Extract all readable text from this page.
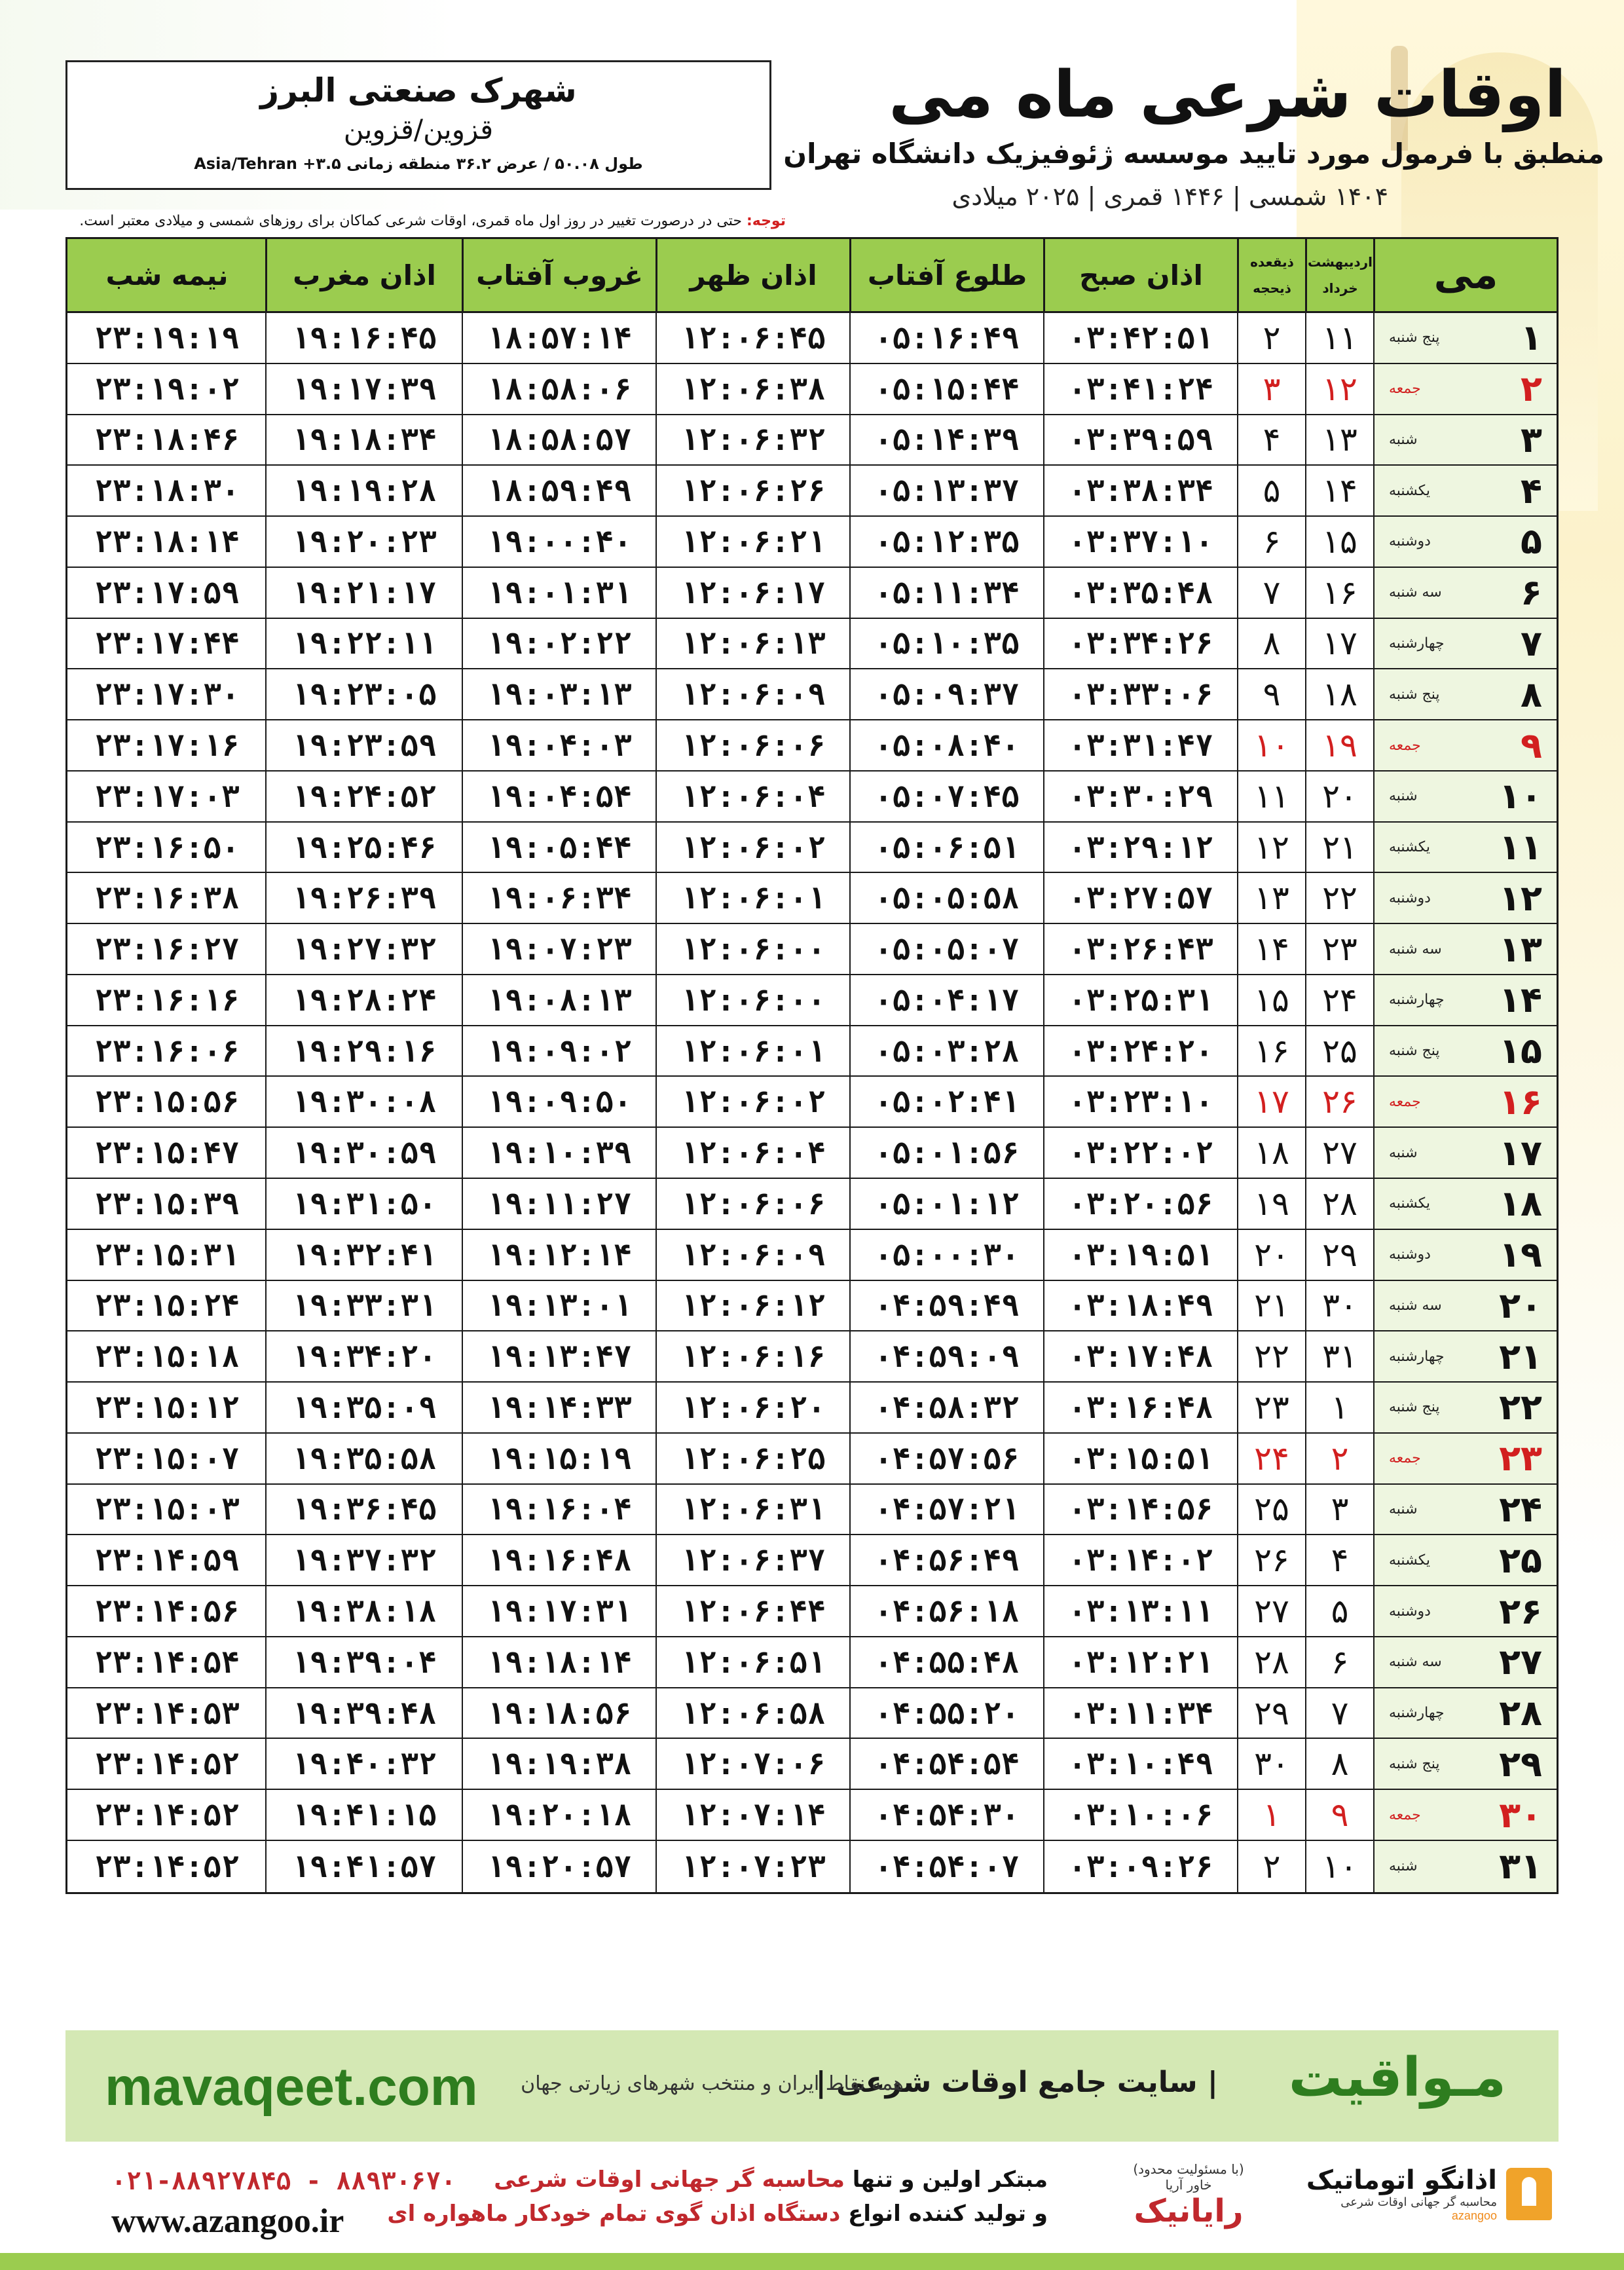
شهرک صنعتی البرز
قزوین/قزوین
طول ۵۰.۰۸ / عرض ۳۶.۲ منطقه زمانی Asia/Tehran +۳.۵
اوقات شرعی ماه می
منطبق با فرمول مورد تایید موسسه ژئوفیزیک دانشگاه تهران
۱۴۰۴ شمسی | ۱۴۴۶ قمری | ۲۰۲۵ میلادی
توجه: حتی در درصورت تغییر در روز اول ماه قمری، اوقات شرعی کماکان برای روزهای شمسی و میلادی معتبر است.
می
اردیبهشت
خرداد
ذیقعده
ذیحجه
اذان صبح
طلوع آفتاب
اذان ظهر
غروب آفتاب
اذان مغرب
نیمه شب
۱
پنج شنبه
۱۱
۲
۰۳:۴۲:۵۱
۰۵:۱۶:۴۹
۱۲:۰۶:۴۵
۱۸:۵۷:۱۴
۱۹:۱۶:۴۵
۲۳:۱۹:۱۹
۲
جمعه
۱۲
۳
۰۳:۴۱:۲۴
۰۵:۱۵:۴۴
۱۲:۰۶:۳۸
۱۸:۵۸:۰۶
۱۹:۱۷:۳۹
۲۳:۱۹:۰۲
۳
شنبه
۱۳
۴
۰۳:۳۹:۵۹
۰۵:۱۴:۳۹
۱۲:۰۶:۳۲
۱۸:۵۸:۵۷
۱۹:۱۸:۳۴
۲۳:۱۸:۴۶
۴
یکشنبه
۱۴
۵
۰۳:۳۸:۳۴
۰۵:۱۳:۳۷
۱۲:۰۶:۲۶
۱۸:۵۹:۴۹
۱۹:۱۹:۲۸
۲۳:۱۸:۳۰
۵
دوشنبه
۱۵
۶
۰۳:۳۷:۱۰
۰۵:۱۲:۳۵
۱۲:۰۶:۲۱
۱۹:۰۰:۴۰
۱۹:۲۰:۲۳
۲۳:۱۸:۱۴
۶
سه شنبه
۱۶
۷
۰۳:۳۵:۴۸
۰۵:۱۱:۳۴
۱۲:۰۶:۱۷
۱۹:۰۱:۳۱
۱۹:۲۱:۱۷
۲۳:۱۷:۵۹
۷
چهارشنبه
۱۷
۸
۰۳:۳۴:۲۶
۰۵:۱۰:۳۵
۱۲:۰۶:۱۳
۱۹:۰۲:۲۲
۱۹:۲۲:۱۱
۲۳:۱۷:۴۴
۸
پنج شنبه
۱۸
۹
۰۳:۳۳:۰۶
۰۵:۰۹:۳۷
۱۲:۰۶:۰۹
۱۹:۰۳:۱۳
۱۹:۲۳:۰۵
۲۳:۱۷:۳۰
۹
جمعه
۱۹
۱۰
۰۳:۳۱:۴۷
۰۵:۰۸:۴۰
۱۲:۰۶:۰۶
۱۹:۰۴:۰۳
۱۹:۲۳:۵۹
۲۳:۱۷:۱۶
۱۰
شنبه
۲۰
۱۱
۰۳:۳۰:۲۹
۰۵:۰۷:۴۵
۱۲:۰۶:۰۴
۱۹:۰۴:۵۴
۱۹:۲۴:۵۲
۲۳:۱۷:۰۳
۱۱
یکشنبه
۲۱
۱۲
۰۳:۲۹:۱۲
۰۵:۰۶:۵۱
۱۲:۰۶:۰۲
۱۹:۰۵:۴۴
۱۹:۲۵:۴۶
۲۳:۱۶:۵۰
۱۲
دوشنبه
۲۲
۱۳
۰۳:۲۷:۵۷
۰۵:۰۵:۵۸
۱۲:۰۶:۰۱
۱۹:۰۶:۳۴
۱۹:۲۶:۳۹
۲۳:۱۶:۳۸
۱۳
سه شنبه
۲۳
۱۴
۰۳:۲۶:۴۳
۰۵:۰۵:۰۷
۱۲:۰۶:۰۰
۱۹:۰۷:۲۳
۱۹:۲۷:۳۲
۲۳:۱۶:۲۷
۱۴
چهارشنبه
۲۴
۱۵
۰۳:۲۵:۳۱
۰۵:۰۴:۱۷
۱۲:۰۶:۰۰
۱۹:۰۸:۱۳
۱۹:۲۸:۲۴
۲۳:۱۶:۱۶
۱۵
پنج شنبه
۲۵
۱۶
۰۳:۲۴:۲۰
۰۵:۰۳:۲۸
۱۲:۰۶:۰۱
۱۹:۰۹:۰۲
۱۹:۲۹:۱۶
۲۳:۱۶:۰۶
۱۶
جمعه
۲۶
۱۷
۰۳:۲۳:۱۰
۰۵:۰۲:۴۱
۱۲:۰۶:۰۲
۱۹:۰۹:۵۰
۱۹:۳۰:۰۸
۲۳:۱۵:۵۶
۱۷
شنبه
۲۷
۱۸
۰۳:۲۲:۰۲
۰۵:۰۱:۵۶
۱۲:۰۶:۰۴
۱۹:۱۰:۳۹
۱۹:۳۰:۵۹
۲۳:۱۵:۴۷
۱۸
یکشنبه
۲۸
۱۹
۰۳:۲۰:۵۶
۰۵:۰۱:۱۲
۱۲:۰۶:۰۶
۱۹:۱۱:۲۷
۱۹:۳۱:۵۰
۲۳:۱۵:۳۹
۱۹
دوشنبه
۲۹
۲۰
۰۳:۱۹:۵۱
۰۵:۰۰:۳۰
۱۲:۰۶:۰۹
۱۹:۱۲:۱۴
۱۹:۳۲:۴۱
۲۳:۱۵:۳۱
۲۰
سه شنبه
۳۰
۲۱
۰۳:۱۸:۴۹
۰۴:۵۹:۴۹
۱۲:۰۶:۱۲
۱۹:۱۳:۰۱
۱۹:۳۳:۳۱
۲۳:۱۵:۲۴
۲۱
چهارشنبه
۳۱
۲۲
۰۳:۱۷:۴۸
۰۴:۵۹:۰۹
۱۲:۰۶:۱۶
۱۹:۱۳:۴۷
۱۹:۳۴:۲۰
۲۳:۱۵:۱۸
۲۲
پنج شنبه
۱
۲۳
۰۳:۱۶:۴۸
۰۴:۵۸:۳۲
۱۲:۰۶:۲۰
۱۹:۱۴:۳۳
۱۹:۳۵:۰۹
۲۳:۱۵:۱۲
۲۳
جمعه
۲
۲۴
۰۳:۱۵:۵۱
۰۴:۵۷:۵۶
۱۲:۰۶:۲۵
۱۹:۱۵:۱۹
۱۹:۳۵:۵۸
۲۳:۱۵:۰۷
۲۴
شنبه
۳
۲۵
۰۳:۱۴:۵۶
۰۴:۵۷:۲۱
۱۲:۰۶:۳۱
۱۹:۱۶:۰۴
۱۹:۳۶:۴۵
۲۳:۱۵:۰۳
۲۵
یکشنبه
۴
۲۶
۰۳:۱۴:۰۲
۰۴:۵۶:۴۹
۱۲:۰۶:۳۷
۱۹:۱۶:۴۸
۱۹:۳۷:۳۲
۲۳:۱۴:۵۹
۲۶
دوشنبه
۵
۲۷
۰۳:۱۳:۱۱
۰۴:۵۶:۱۸
۱۲:۰۶:۴۴
۱۹:۱۷:۳۱
۱۹:۳۸:۱۸
۲۳:۱۴:۵۶
۲۷
سه شنبه
۶
۲۸
۰۳:۱۲:۲۱
۰۴:۵۵:۴۸
۱۲:۰۶:۵۱
۱۹:۱۸:۱۴
۱۹:۳۹:۰۴
۲۳:۱۴:۵۴
۲۸
چهارشنبه
۷
۲۹
۰۳:۱۱:۳۴
۰۴:۵۵:۲۰
۱۲:۰۶:۵۸
۱۹:۱۸:۵۶
۱۹:۳۹:۴۸
۲۳:۱۴:۵۳
۲۹
پنج شنبه
۸
۳۰
۰۳:۱۰:۴۹
۰۴:۵۴:۵۴
۱۲:۰۷:۰۶
۱۹:۱۹:۳۸
۱۹:۴۰:۳۲
۲۳:۱۴:۵۲
۳۰
جمعه
۹
۱
۰۳:۱۰:۰۶
۰۴:۵۴:۳۰
۱۲:۰۷:۱۴
۱۹:۲۰:۱۸
۱۹:۴۱:۱۵
۲۳:۱۴:۵۲
۳۱
شنبه
۱۰
۲
۰۳:۰۹:۲۶
۰۴:۵۴:۰۷
۱۲:۰۷:۲۳
۱۹:۲۰:۵۷
۱۹:۴۱:۵۷
۲۳:۱۴:۵۲
مـواقیت
| سایت جامع اوقات شرعی |
همه نقاط ایران و منتخب شهرهای زیارتی جهان
mavaqeet.com
۰۲۱-۸۸۹۲۷۸۴۵ - ۸۸۹۳۰۶۷۰
www.azangoo.ir
مبتکر اولین و تنها محاسبه گر جهانی اوقات شرعی
و تولید کننده انواع دستگاه اذان گوی تمام خودکار ماهواره ای
(با مسئولیت محدود) خاور آریا
رایانیک
اذانگو اتوماتیک
محاسبه گر جهانی اوقات شرعی
azangoo
